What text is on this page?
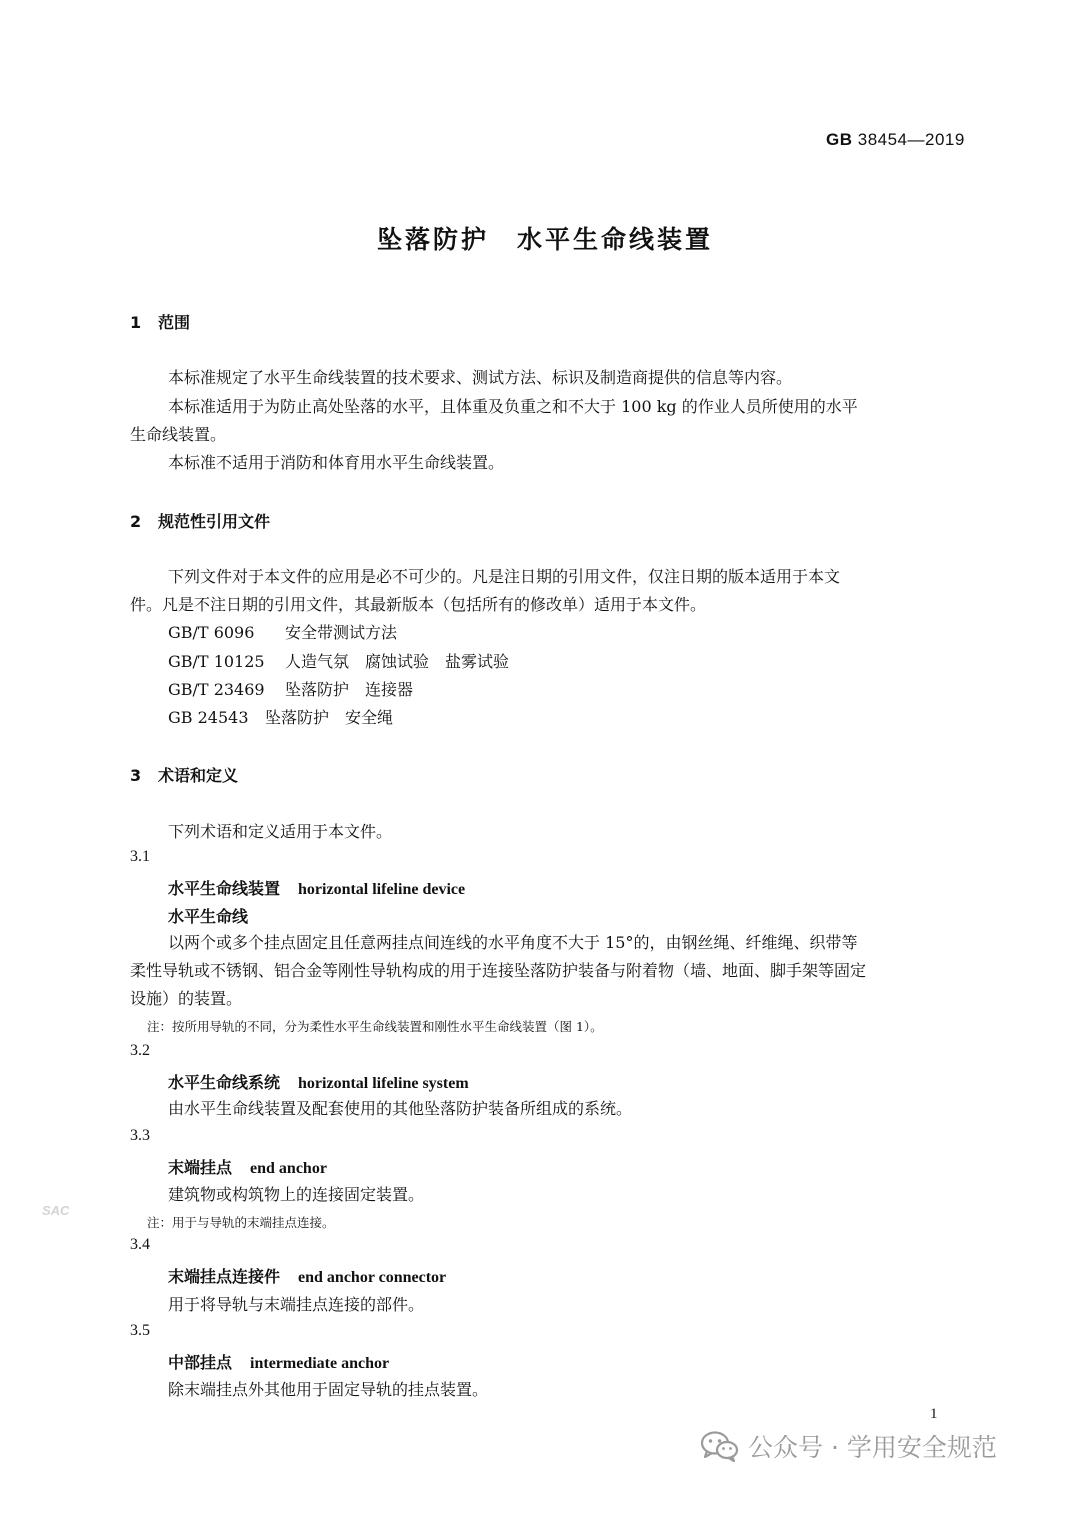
GB 38454—2019
坠落防护　水平生命线装置
1 范围
本标准规定了水平生命线装置的技术要求、测试方法、标识及制造商提供的信息等内容。
本标准适用于为防止高处坠落的水平，且体重及负重之和不大于 100 kg 的作业人员所使用的水平
生命线装置。
本标准不适用于消防和体育用水平生命线装置。
2 规范性引用文件
下列文件对于本文件的应用是必不可少的。凡是注日期的引用文件，仅注日期的版本适用于本文
件。凡是不注日期的引用文件，其最新版本（包括所有的修改单）适用于本文件。
GB/T 6096 安全带测试方法
GB/T 10125 人造气氛　腐蚀试验　盐雾试验
GB/T 23469 坠落防护　连接器
GB 24543 坠落防护　安全绳
3 术语和定义
下列术语和定义适用于本文件。
3.1
水平生命线装置 horizontal lifeline device
水平生命线
以两个或多个挂点固定且任意两挂点间连线的水平角度不大于 15°的，由钢丝绳、纤维绳、织带等
柔性导轨或不锈钢、铝合金等刚性导轨构成的用于连接坠落防护装备与附着物（墙、地面、脚手架等固定
设施）的装置。
注：按所用导轨的不同，分为柔性水平生命线装置和刚性水平生命线装置（图 1）。
3.2
水平生命线系统 horizontal lifeline system
由水平生命线装置及配套使用的其他坠落防护装备所组成的系统。
3.3
末端挂点 end anchor
建筑物或构筑物上的连接固定装置。
注：用于与导轨的末端挂点连接。
3.4
末端挂点连接件 end anchor connector
用于将导轨与末端挂点连接的部件。
3.5
中部挂点 intermediate anchor
除末端挂点外其他用于固定导轨的挂点装置。
1
SAC
公众号 · 学用安全规范
